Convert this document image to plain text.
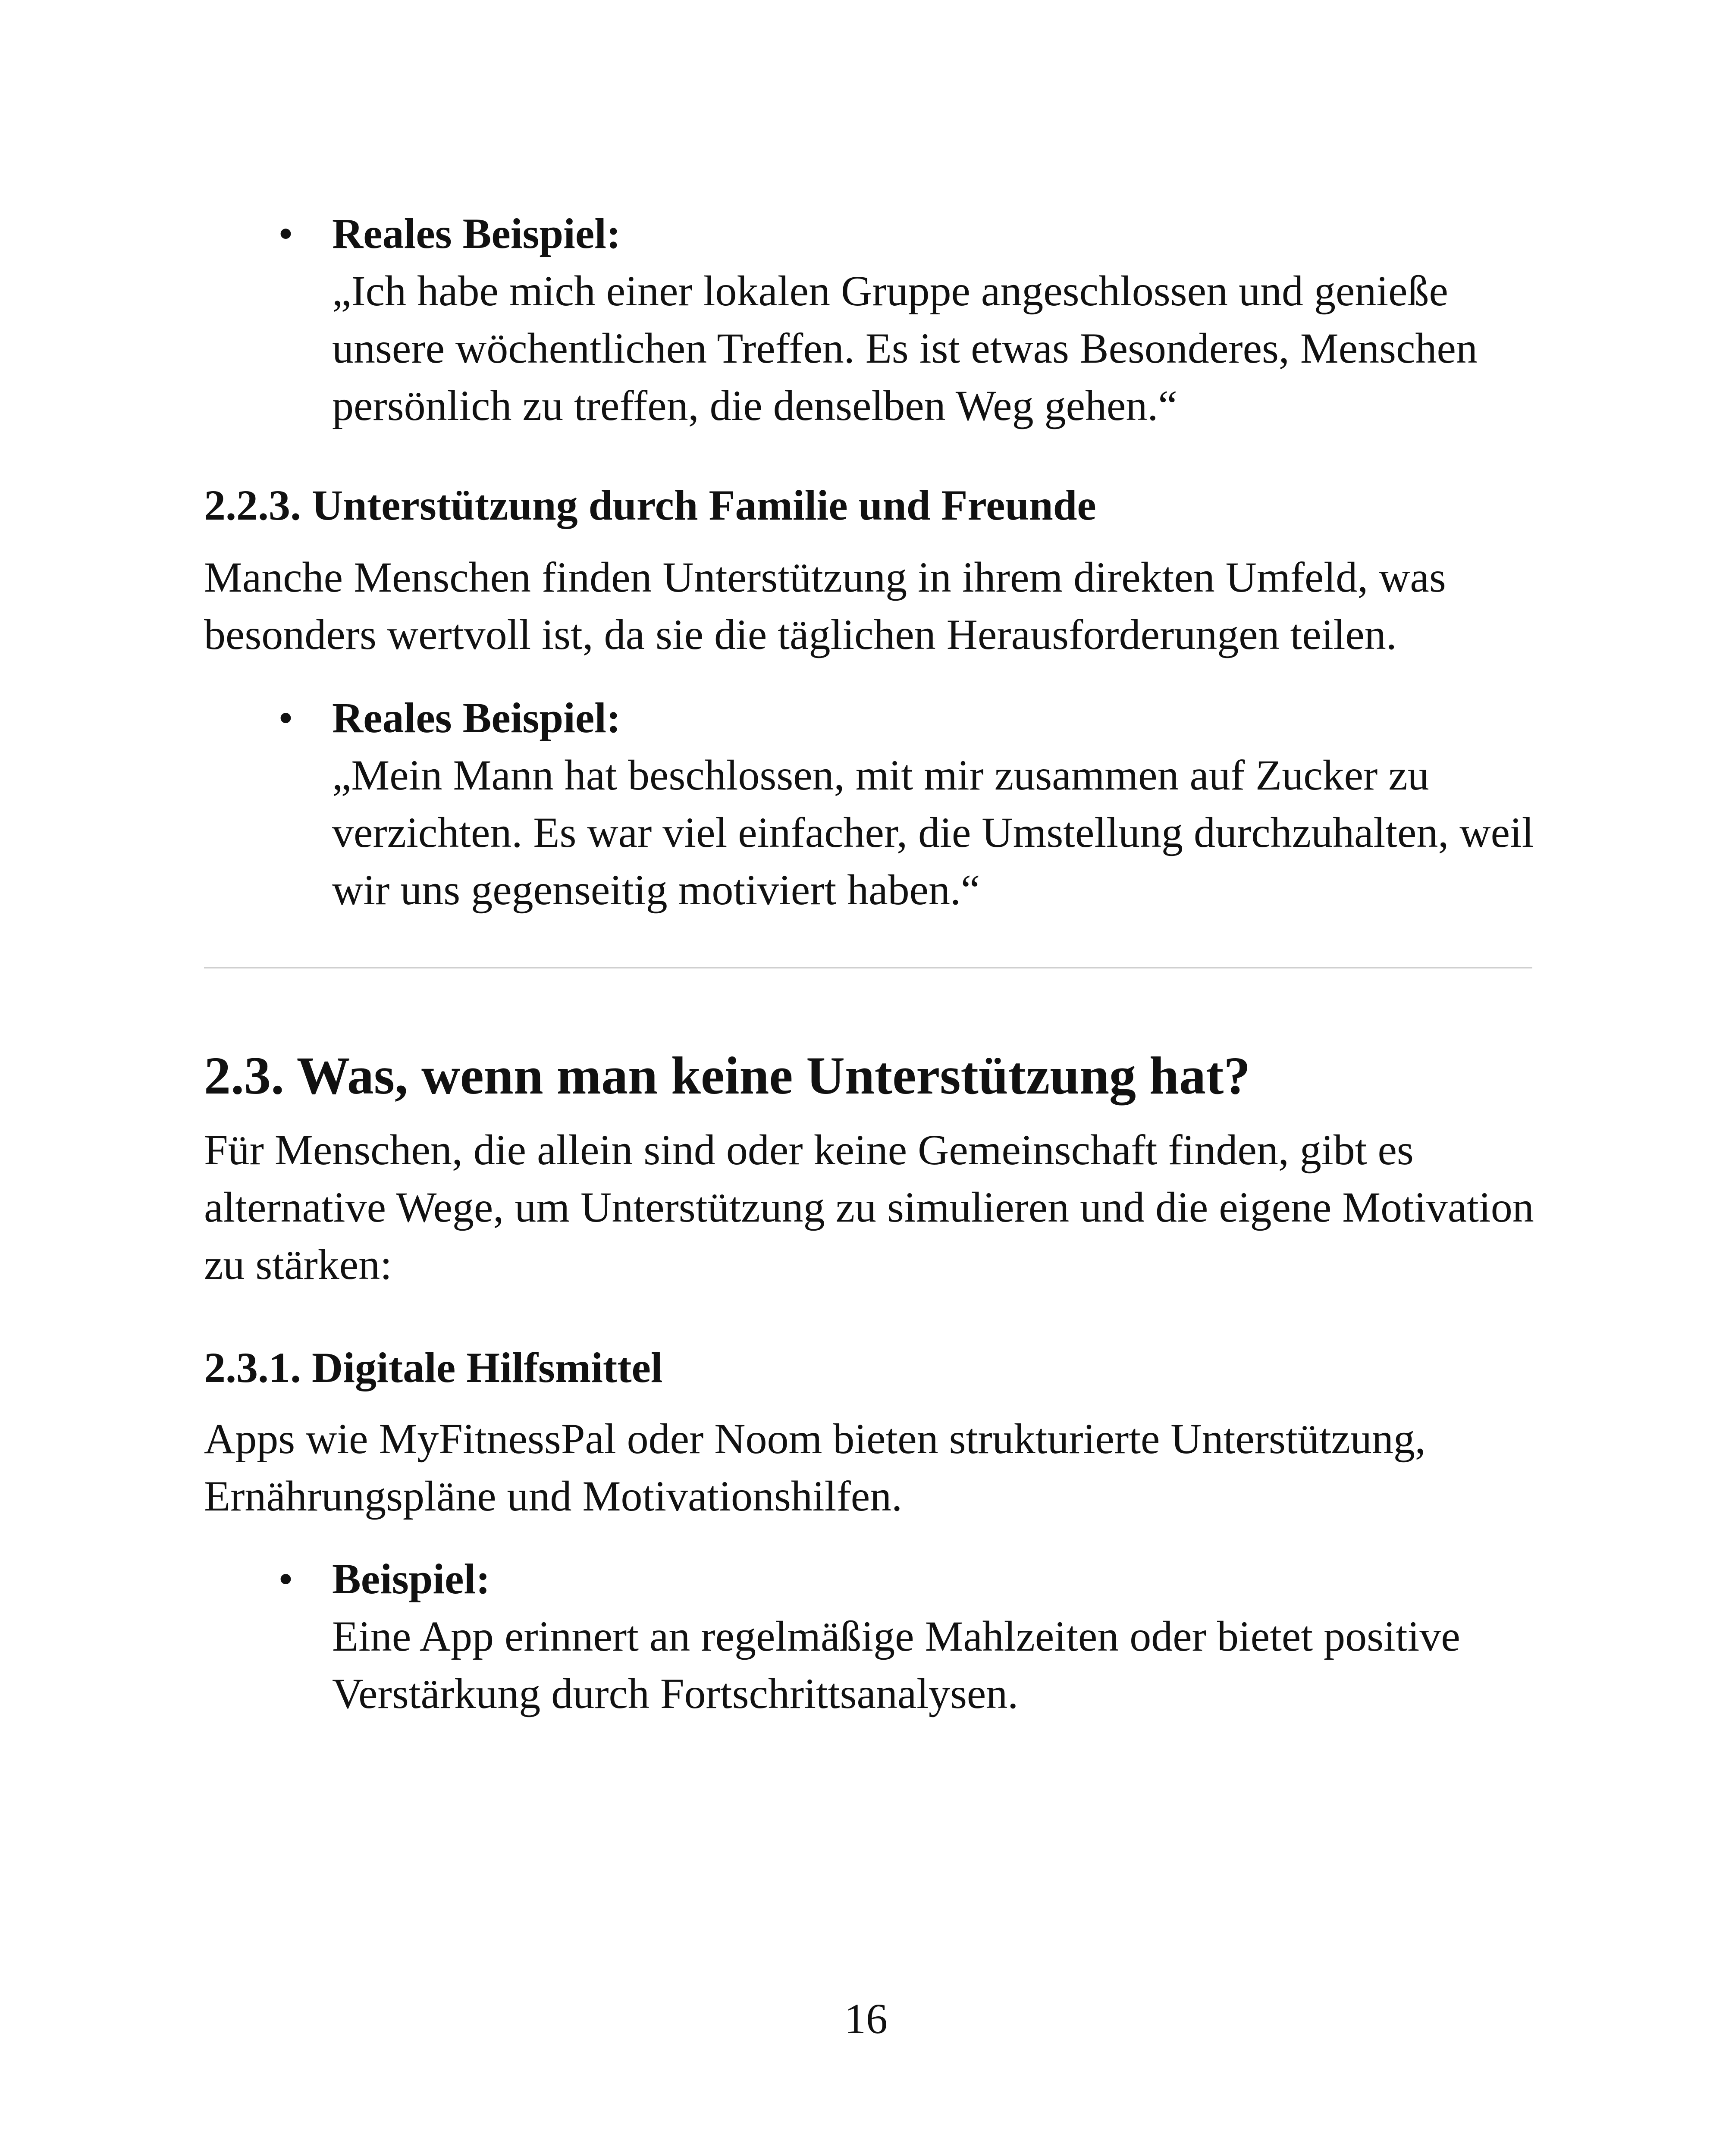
• Reales Beispiel:
„Ich habe mich einer lokalen Gruppe angeschlossen und genieße unsere wöchentlichen Treffen. Es ist etwas Besonderes, Menschen persönlich zu treffen, die denselben Weg gehen.“
2.2.3. Unterstützung durch Familie und Freunde

Manche Menschen finden Unterstützung in ihrem direkten Umfeld, was besonders wertvoll ist, da sie die täglichen Herausforderungen teilen.

• Reales Beispiel:
„Mein Mann hat beschlossen, mit mir zusammen auf Zucker zu verzichten. Es war viel einfacher, die Umstellung durchzuhalten, weil wir uns gegenseitig motiviert haben.“
2.3. Was, wenn man keine Unterstützung hat?

Für Menschen, die allein sind oder keine Gemeinschaft finden, gibt es alternative Wege, um Unterstützung zu simulieren und die eigene Motivation zu stärken:

2.3.1. Digitale Hilfsmittel

Apps wie MyFitnessPal oder Noom bieten strukturierte Unterstützung, Ernährungspläne und Motivationshilfen.

• Beispiel:
Eine App erinnert an regelmäßige Mahlzeiten oder bietet positive Verstärkung durch Fortschrittsanalysen.
16
